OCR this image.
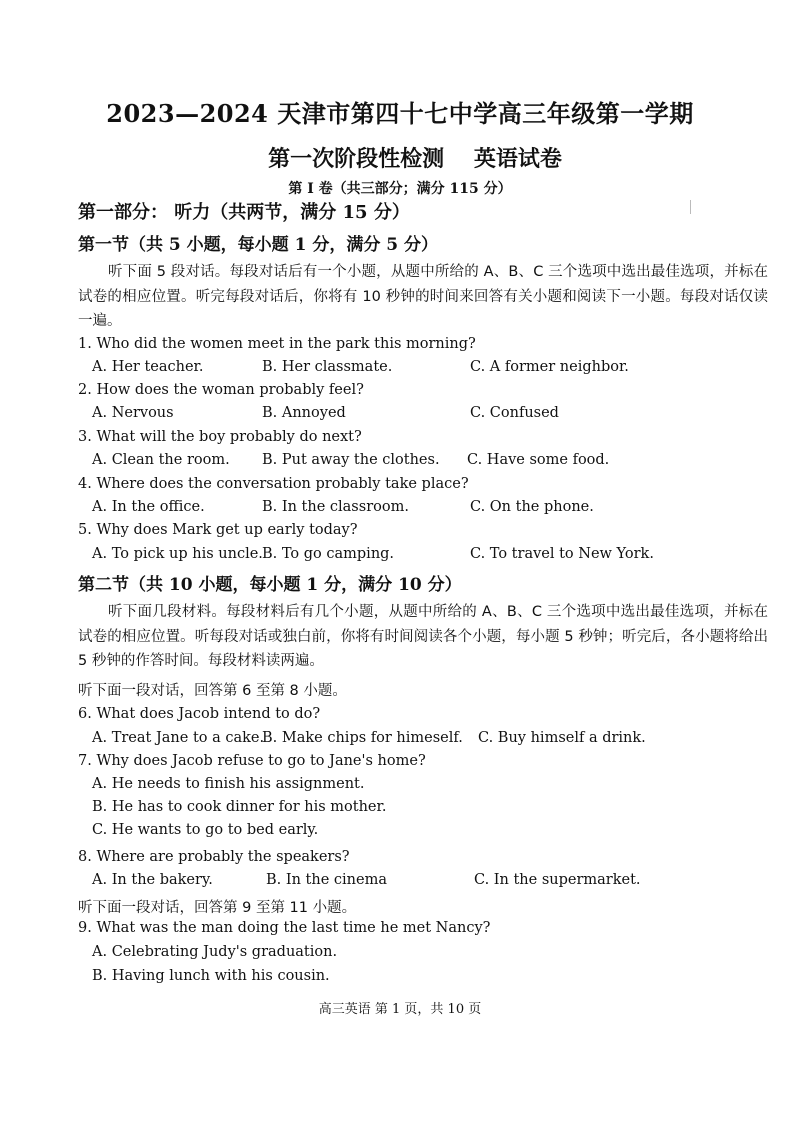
2023—2024 天津市第四十七中学高三年级第一学期
第一次阶段性检测 英语试卷
第 I 卷（共三部分；满分 115 分）
第一部分： 听力（共两节，满分 15 分）
第一节（共 5 小题，每小题 1 分，满分 5 分）
听下面 5 段对话。每段对话后有一个小题，从题中所给的 A、B、C 三个选项中选出最佳选项，并标在试卷的相应位置。听完每段对话后，你将有 10 秒钟的时间来回答有关小题和阅读下一小题。每段对话仅读一遍。
1. Who did the women meet in the park this morning?
A. Her teacher.	B. Her classmate.	C. A former neighbor.
2. How does the woman probably feel?
A. Nervous	B. Annoyed	C. Confused
3. What will the boy probably do next?
A. Clean the room. B. Put away the clothes. C. Have some food.
4. Where does the conversation probably take place?
A. In the office.	B. In the classroom.	C. On the phone.
5. Why does Mark get up early today?
A. To pick up his uncle. B. To go camping.	C. To travel to New York.
第二节（共 10 小题，每小题 1 分，满分 10 分）
听下面几段材料。每段材料后有几个小题，从题中所给的 A、B、C 三个选项中选出最佳选项，并标在试卷的相应位置。听每段对话或独白前，你将有时间阅读各个小题，每小题 5 秒钟；听完后，各小题将给出 5 秒钟的作答时间。每段材料读两遍。
听下面一段对话，回答第 6 至第 8 小题。
6. What does Jacob intend to do?
A. Treat Jane to a cake.
B. Make chips for himeself. C. Buy himself a drink.
7. Why does Jacob refuse to go to Jane's home?
A. He needs to finish his assignment.
B. He has to cook dinner for his mother.
C. He wants to go to bed early.
8. Where are probably the speakers?
A. In the bakery.	B. In the cinema	C. In the supermarket.
听下面一段对话，回答第 9 至第 11 小题。
9. What was the man doing the last time he met Nancy?
A. Celebrating Judy's graduation.
B. Having lunch with his cousin.
高三英语 第 1 页，共 10 页
